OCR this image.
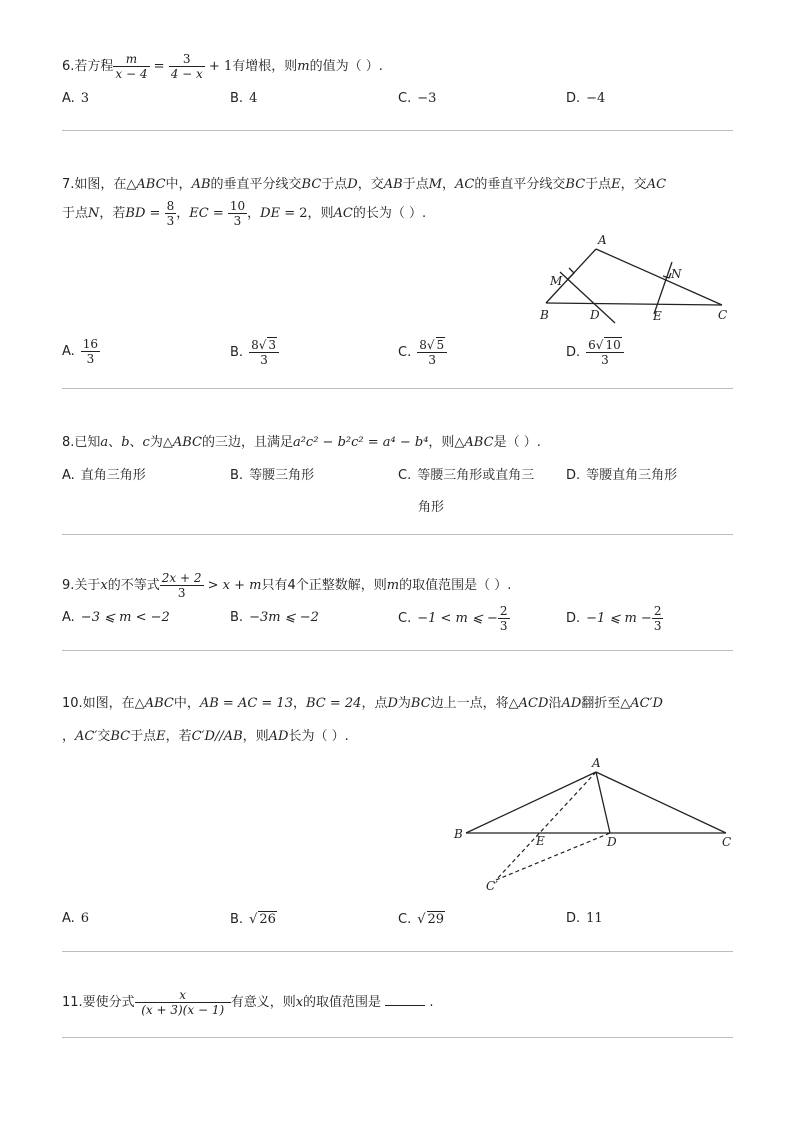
6.若方程 $\frac{m}{x - 4} = \frac{3}{4 - x} + 1$有增根，则m的值为（ ）.
A. 3	B. 4	C. −3	D. −4
7.如图，在△ABC中，AB的垂直平分线交BC于点D，交AB于点M，AC的垂直平分线交BC于点E，交AC
于点N，若BD = $\frac{8}{3}$ ，EC = $\frac{10}{3}$ ，DE = 2，则AC的长为（ ）.
A
B	C
D	E
M	N
A. $\frac{16}{3}$	B. $\frac{8√ 3}{3}$	C. $\frac{8√ 5}{3}$	D. $\frac{6√ 10}{3}$
8.已知a、b、c为△ABC的三边，且满足a²c² − b²c² = a⁴ − b⁴，则△ABC是（ ）.
A. 直角三角形	B. 等腰三角形	C. 等腰三角形或直角三
角形
D. 等腰直角三角形
9.关于x的不等式 $\frac{2x + 2}{3} > x + m$只有4个正整数解，则m的取值范围是（ ）.
A. −3 ⩽ m < −2	B. −3m ⩽ −2	C. −1 < m ⩽ − $\frac{2}{3}$	D. −1 ⩽ $m - \frac{2}{3}$
10.如图，在△ABC中，AB = AC = 13，BC = 24，点D为BC边上一点，将△ACD沿AD翻折至△AC′D
，AC′交BC于点E，若C′D//AB，则AD长为（ ）.
A
B
C
D
E
C′
A. 6	B. √ 26	C. √ 29	D. 11
11.要使分式 $\frac{x}{(x + 3)(x - 1)}$ 有意义，则x的取值范围是	.
